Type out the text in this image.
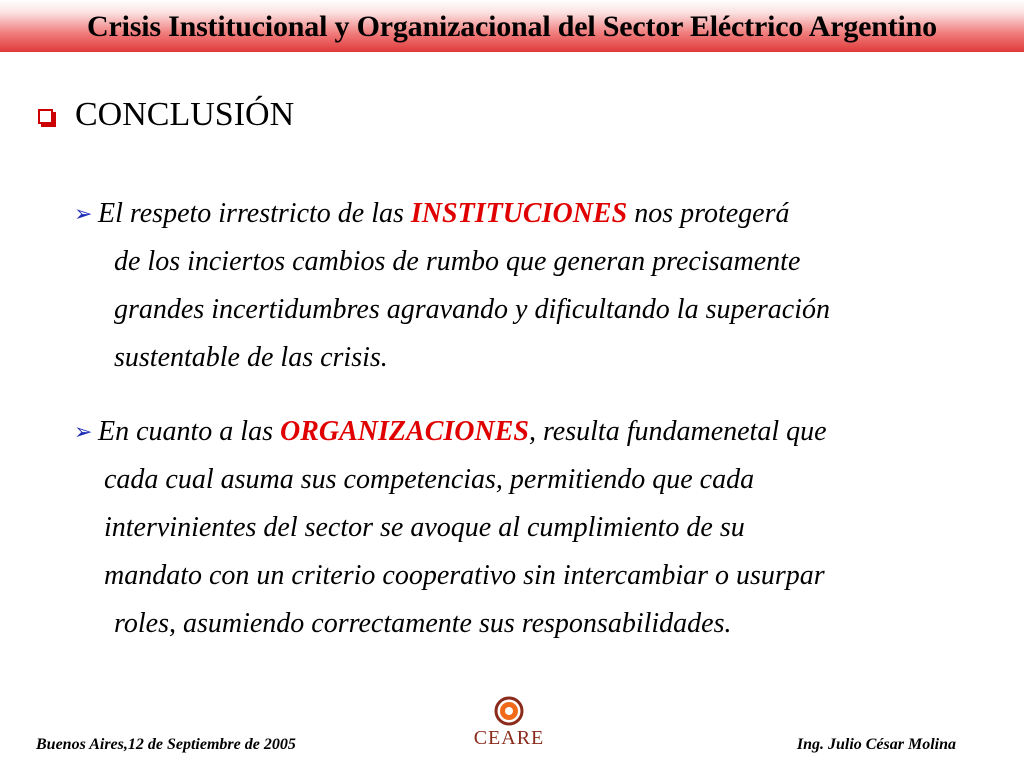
Crisis Institucional y Organizacional del Sector Eléctrico Argentino
CONCLUSIÓN
➢ El respeto irrestricto de las INSTITUCIONES nos protegerá
de los inciertos cambios de rumbo que generan precisamente
grandes incertidumbres agravando y dificultando la superación
sustentable de las crisis.
➢ En cuanto a las ORGANIZACIONES, resulta fundamenetal que
cada cual asuma sus competencias, permitiendo que cada
intervinientes del sector se avoque al cumplimiento de su
mandato con un criterio cooperativo sin intercambiar o usurpar
roles, asumiendo correctamente sus responsabilidades.
Buenos Aires,12 de Septiembre de 2005	CEARE	Ing. Julio César Molina
